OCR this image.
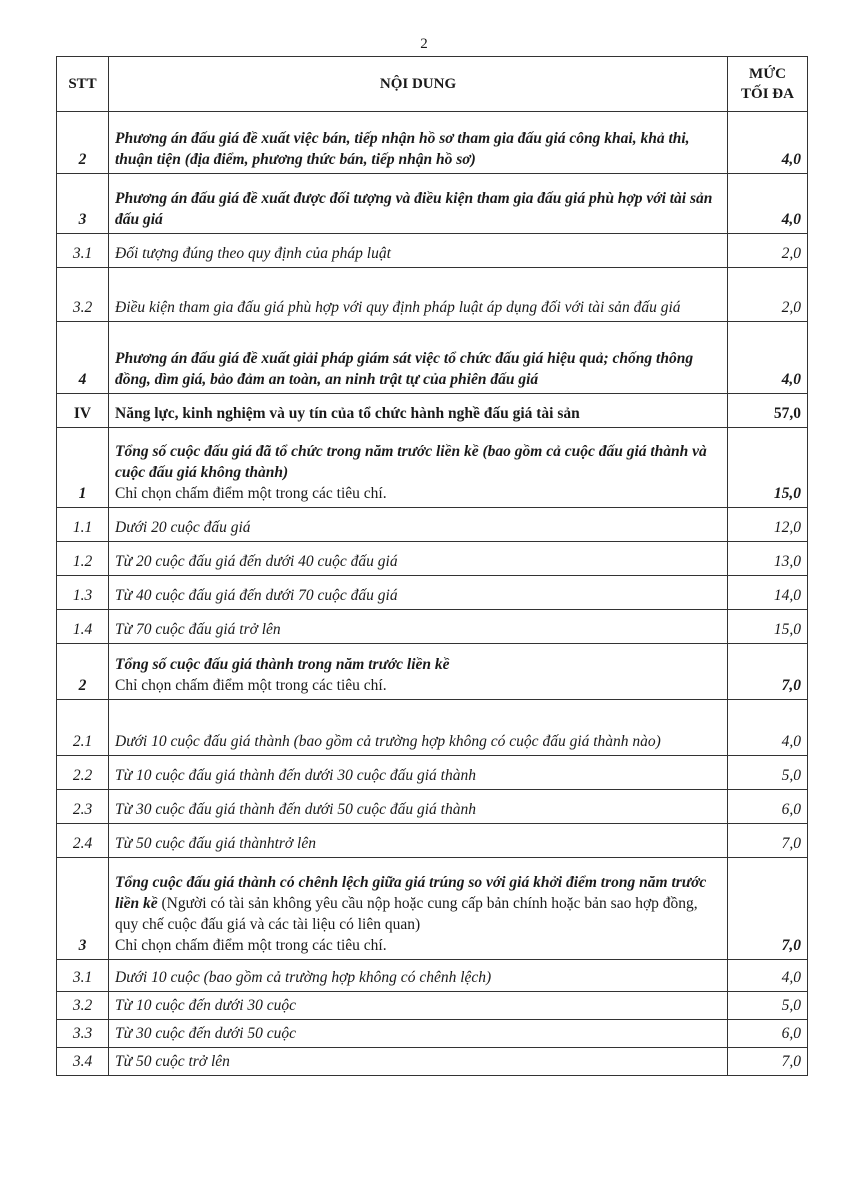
2
STT	NỘI DUNG	MỨC
TỐI ĐA
2	Phương án đấu giá đề xuất việc bán, tiếp nhận hồ sơ tham gia đấu giá công khai, khả thi, thuận tiện (địa điểm, phương thức bán, tiếp nhận hồ sơ)	4,0
3	Phương án đấu giá đề xuất được đối tượng và điều kiện tham gia đấu giá phù hợp với tài sản đấu giá	4,0
3.1	Đối tượng đúng theo quy định của pháp luật	2,0
3.2	Điều kiện tham gia đấu giá phù hợp với quy định pháp luật áp dụng đối với tài sản đấu giá	2,0
4	Phương án đấu giá đề xuất giải pháp giám sát việc tổ chức đấu giá hiệu quả; chống thông đồng, dìm giá, bảo đảm an toàn, an ninh trật tự của phiên đấu giá	4,0
IV	Năng lực, kinh nghiệm và uy tín của tổ chức hành nghề đấu giá tài sản	57,0
1	Tổng số cuộc đấu giá đã tổ chức trong năm trước liền kề (bao gồm cả cuộc đấu giá thành và cuộc đấu giá không thành)
Chỉ chọn chấm điểm một trong các tiêu chí.	15,0
1.1	Dưới 20 cuộc đấu giá	12,0
1.2	Từ 20 cuộc đấu giá đến dưới 40 cuộc đấu giá	13,0
1.3	Từ 40 cuộc đấu giá đến dưới 70 cuộc đấu giá	14,0
1.4	Từ 70 cuộc đấu giá trở lên	15,0
2	Tổng số cuộc đấu giá thành trong năm trước liền kề
Chỉ chọn chấm điểm một trong các tiêu chí.	7,0
2.1	Dưới 10 cuộc đấu giá thành (bao gồm cả trường hợp không có cuộc đấu giá thành nào)	4,0
2.2	Từ 10 cuộc đấu giá thành đến dưới 30 cuộc đấu giá thành	5,0
2.3	Từ 30 cuộc đấu giá thành đến dưới 50 cuộc đấu giá thành	6,0
2.4	Từ 50 cuộc đấu giá thànhtrở lên	7,0
3	Tổng cuộc đấu giá thành có chênh lệch giữa giá trúng so với giá khởi điểm trong năm trước liền kề (Người có tài sản không yêu cầu nộp hoặc cung cấp bản chính hoặc bản sao hợp đồng, quy chế cuộc đấu giá và các tài liệu có liên quan)
Chỉ chọn chấm điểm một trong các tiêu chí.	7,0
3.1	Dưới 10 cuộc (bao gồm cả trường hợp không có chênh lệch)	4,0
3.2	Từ 10 cuộc đến dưới 30 cuộc	5,0
3.3	Từ 30 cuộc đến dưới 50 cuộc	6,0
3.4	Từ 50 cuộc trở lên	7,0
